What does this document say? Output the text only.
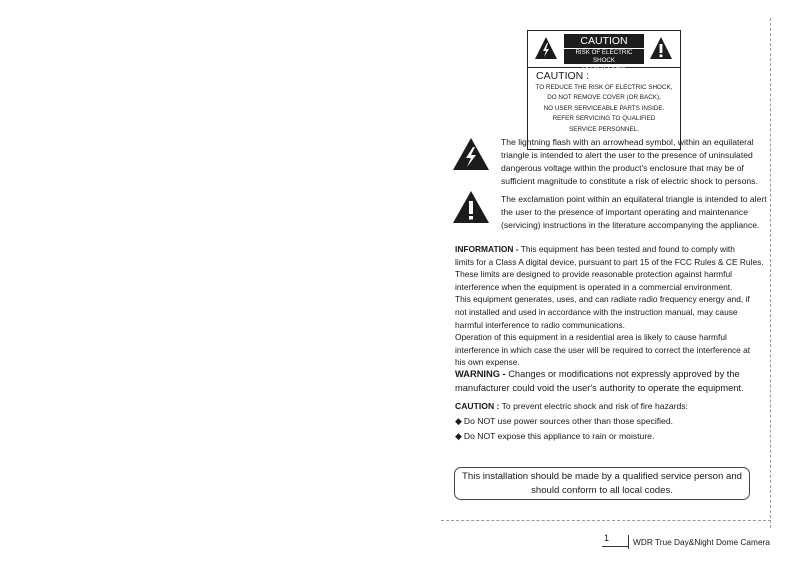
CAUTION
RISK OF ELECTRIC SHOCK
DO NOT OPEN
CAUTION :
TO REDUCE THE RISK OF ELECTRIC SHOCK,
DO NOT REMOVE COVER (OR BACK),
NO USER SERVICEABLE PARTS INSIDE.
REFER SERVICING TO QUALIFIED
SERVICE PERSONNEL.
The lightning flash with an arrowhead symbol, within an equilateral
triangle is intended to alert the user to the presence of uninsulated
dangerous voltage within the product's enclosure that may be of
sufficient magnitude to constitute a risk of electric shock to persons.
The exclamation point within an equilateral triangle is intended to alert
the user to the presence of important operating and maintenance
(servicing) instructions in the literature accompanying the appliance.
INFORMATION - This equipment has been tested and found to comply with
limits for a Class A digital device, pursuant to part 15 of the FCC Rules & CE Rules.
These limits are designed to provide reasonable protection against harmful
interference when the equipment is operated in a commercial environment.
This equipment generates, uses, and can radiate radio frequency energy and, if
not installed and used in accordance with the instruction manual, may cause
harmful interference to radio communications.
Operation of this equipment in a residential area is likely to cause harmful
interference in which case the user will be required to correct the interference at
his own expense.
WARNING - Changes or modifications not expressly approved by the
manufacturer could void the user's authority to operate the equipment.
CAUTION : To prevent electric shock and risk of fire hazards:
◆ Do NOT use power sources other than those specified.
◆ Do NOT expose this appliance to rain or moisture.
This installation should be made by a qualified service person and
should conform to all local codes.
1	WDR True Day&Night Dome Camera
